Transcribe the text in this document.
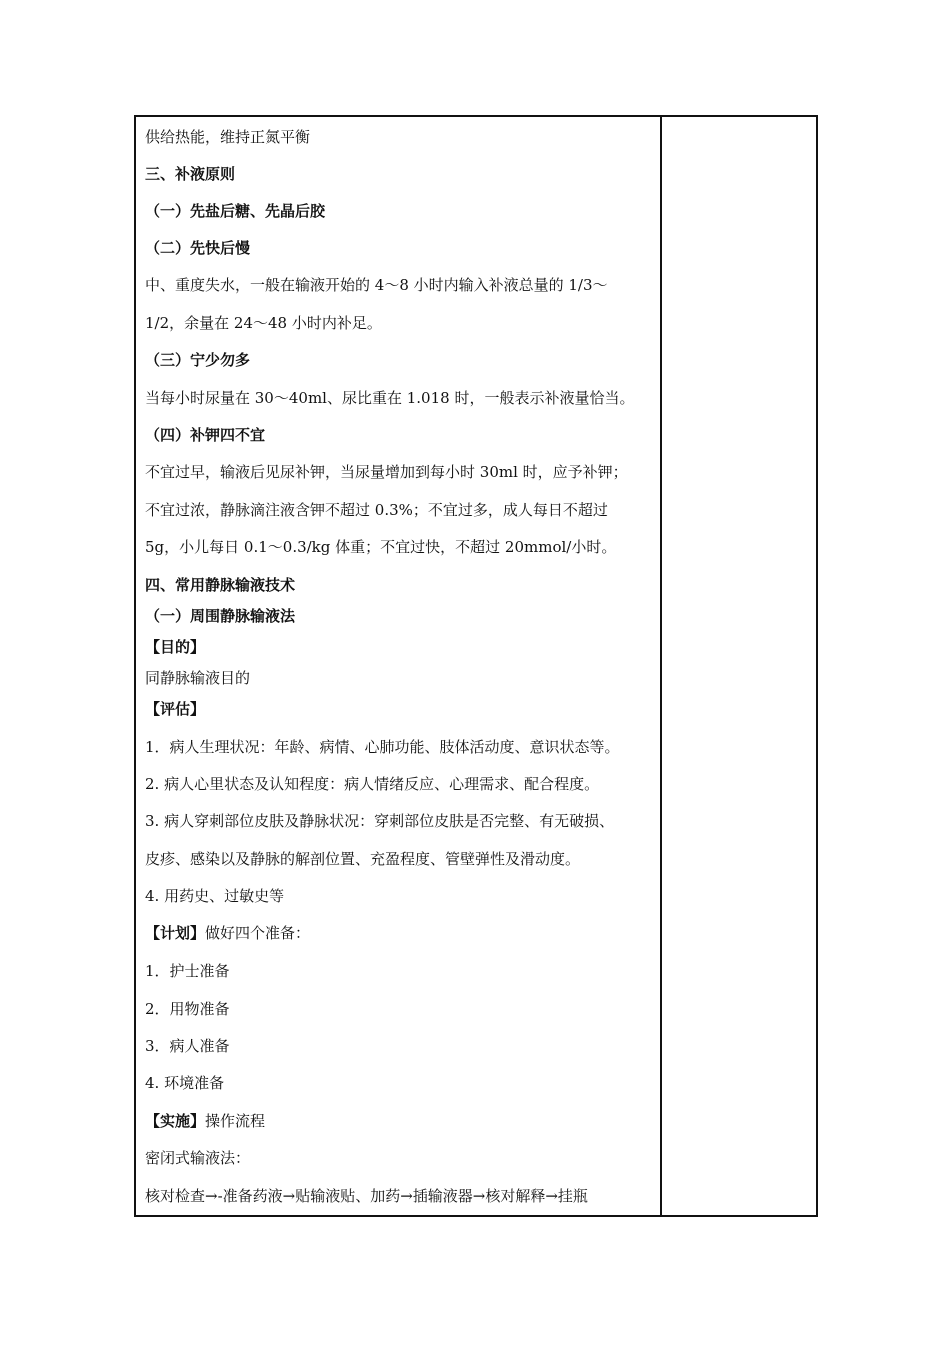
供给热能，维持正氮平衡
三、补液原则
（一）先盐后糖、先晶后胶
（二）先快后慢
中、重度失水，一般在输液开始的 4～8 小时内输入补液总量的 1/3～
1/2，余量在 24～48 小时内补足。
（三）宁少勿多
当每小时尿量在 30～40ml、尿比重在 1.018 时，一般表示补液量恰当。
（四）补钾四不宜
不宜过早，输液后见尿补钾，当尿量增加到每小时 30ml 时，应予补钾；
不宜过浓，静脉滴注液含钾不超过 0.3%；不宜过多，成人每日不超过
5g，小儿每日 0.1～0.3/kg 体重；不宜过快，不超过 20mmol/小时。
四、常用静脉输液技术
（一）周围静脉输液法
【目的】
同静脉输液目的
【评估】
1．病人生理状况：年龄、病情、心肺功能、肢体活动度、意识状态等。
2. 病人心里状态及认知程度：病人情绪反应、心理需求、配合程度。
3. 病人穿刺部位皮肤及静脉状况：穿刺部位皮肤是否完整、有无破损、
皮疹、感染以及静脉的解剖位置、充盈程度、管壁弹性及滑动度。
4. 用药史、过敏史等
【计划】做好四个准备：
1．护士准备
2．用物准备
3．病人准备
4. 环境准备
【实施】操作流程
密闭式输液法：
核对检查→-准备药液→贴输液贴、加药→插输液器→核对解释→挂瓶
